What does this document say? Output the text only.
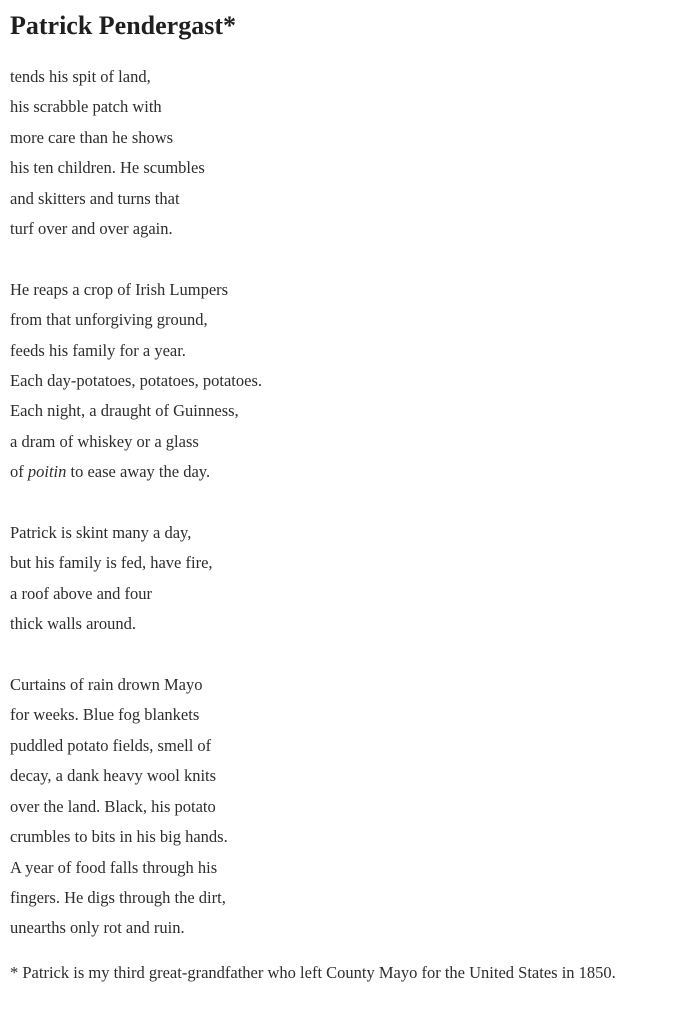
Patrick Pendergast*

tends his spit of land,
his scrabble patch with
more care than he shows
his ten children. He scumbles
and skitters and turns that
turf over and over again.

He reaps a crop of Irish Lumpers
from that unforgiving ground,
feeds his family for a year.
Each day-potatoes, potatoes, potatoes.
Each night, a draught of Guinness,
a dram of whiskey or a glass
of poitin to ease away the day.

Patrick is skint many a day,
but his family is fed, have fire,
a roof above and four
thick walls around.

Curtains of rain drown Mayo
for weeks. Blue fog blankets
puddled potato fields, smell of
decay, a dank heavy wool knits
over the land. Black, his potato
crumbles to bits in his big hands.
A year of food falls through his
fingers. He digs through the dirt,
unearths only rot and ruin.

* Patrick is my third great-grandfather who left County Mayo for the United States in 1850.
